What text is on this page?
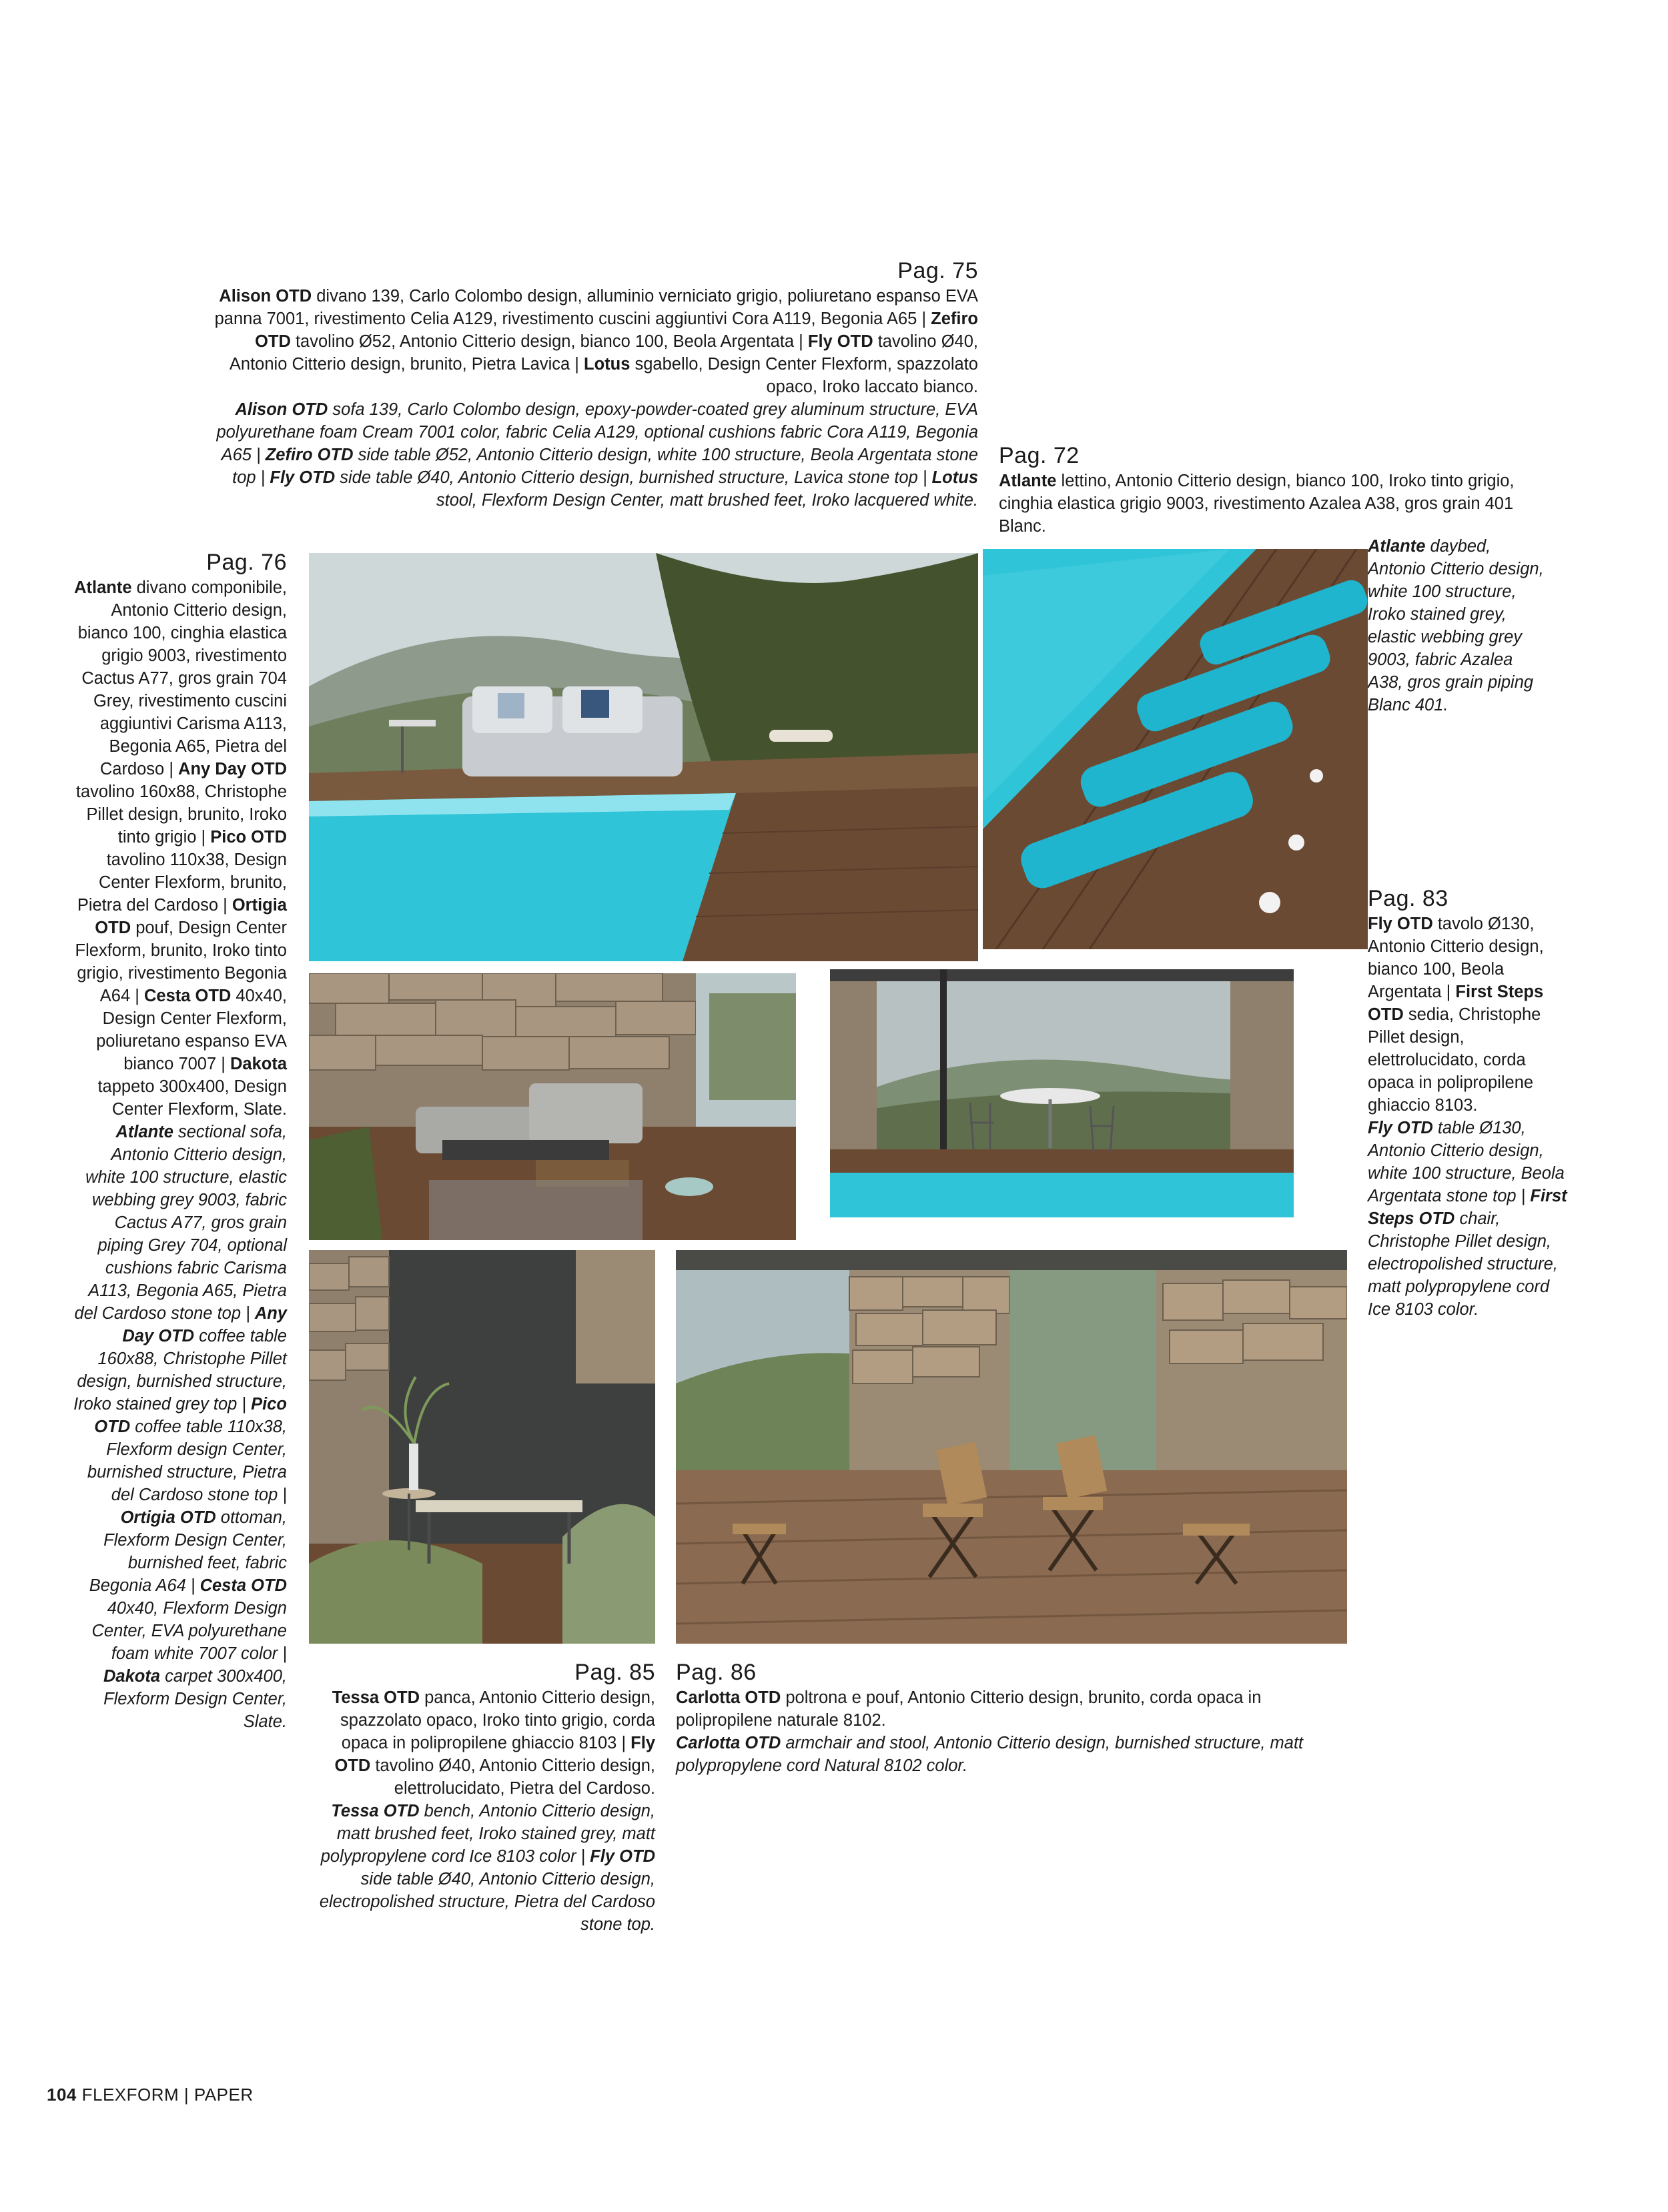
Pag. 75
Alison OTD divano 139, Carlo Colombo design, alluminio verniciato grigio, poliuretano espanso EVA panna 7001, rivestimento Celia A129, rivestimento cuscini aggiuntivi Cora A119, Begonia A65 | Zefiro OTD tavolino Ø52, Antonio Citterio design, bianco 100, Beola Argentata | Fly OTD tavolino Ø40, Antonio Citterio design, brunito, Pietra Lavica | Lotus sgabello, Design Center Flexform, spazzolato opaco, Iroko laccato bianco.
Alison OTD sofa 139, Carlo Colombo design, epoxy-powder-coated grey aluminum structure, EVA polyurethane foam Cream 7001 color, fabric Celia A129, optional cushions fabric Cora A119, Begonia A65 | Zefiro OTD side table Ø52, Antonio Citterio design, white 100 structure, Beola Argentata stone top | Fly OTD side table Ø40, Antonio Citterio design, burnished structure, Lavica stone top | Lotus stool, Flexform Design Center, matt brushed feet, Iroko lacquered white.
Pag. 72
Atlante lettino, Antonio Citterio design, bianco 100, Iroko tinto grigio, cinghia elastica grigio 9003, rivestimento Azalea A38, gros grain 401 Blanc.
Atlante daybed, Antonio Citterio design, white 100 structure, Iroko stained grey, elastic webbing grey 9003, fabric Azalea A38, gros grain piping Blanc 401.
Pag. 76
Atlante divano componibile, Antonio Citterio design, bianco 100, cinghia elastica grigio 9003, rivestimento Cactus A77, gros grain 704 Grey, rivestimento cuscini aggiuntivi Carisma A113, Begonia A65, Pietra del Cardoso | Any Day OTD tavolino 160x88, Christophe Pillet design, brunito, Iroko tinto grigio | Pico OTD tavolino 110x38, Design Center Flexform, brunito, Pietra del Cardoso | Ortigia OTD pouf, Design Center Flexform, brunito, Iroko tinto grigio, rivestimento Begonia A64 | Cesta OTD 40x40, Design Center Flexform, poliuretano espanso EVA bianco 7007 | Dakota tappeto 300x400, Design Center Flexform, Slate.
Atlante sectional sofa, Antonio Citterio design, white 100 structure, elastic webbing grey 9003, fabric Cactus A77, gros grain piping Grey 704, optional cushions fabric Carisma A113, Begonia A65, Pietra del Cardoso stone top | Any Day OTD coffee table 160x88, Christophe Pillet design, burnished structure, Iroko stained grey top | Pico OTD coffee table 110x38, Flexform design Center, burnished structure, Pietra del Cardoso stone top | Ortigia OTD ottoman, Flexform Design Center, burnished feet, fabric Begonia A64 | Cesta OTD 40x40, Flexform Design Center, EVA polyurethane foam white 7007 color | Dakota carpet 300x400, Flexform Design Center, Slate.
Pag. 83
Fly OTD tavolo Ø130, Antonio Citterio design, bianco 100, Beola Argentata | First Steps OTD sedia, Christophe Pillet design, elettrolucidato, corda opaca in polipropilene ghiaccio 8103.
Fly OTD table Ø130, Antonio Citterio design, white 100 structure, Beola Argentata stone top | First Steps OTD chair, Christophe Pillet design, electropolished structure, matt polypropylene cord Ice 8103 color.
Pag. 85
Tessa OTD panca, Antonio Citterio design, spazzolato opaco, Iroko tinto grigio, corda opaca in polipropilene ghiaccio 8103 | Fly OTD tavolino Ø40, Antonio Citterio design, elettrolucidato, Pietra del Cardoso.
Tessa OTD bench, Antonio Citterio design, matt brushed feet, Iroko stained grey, matt polypropylene cord Ice 8103 color | Fly OTD side table Ø40, Antonio Citterio design, electropolished structure, Pietra del Cardoso stone top.
Pag. 86
Carlotta OTD poltrona e pouf, Antonio Citterio design, brunito, corda opaca in polipropilene naturale 8102.
Carlotta OTD armchair and stool, Antonio Citterio design, burnished structure, matt polypropylene cord Natural 8102 color.
104 FLEXFORM | PAPER
